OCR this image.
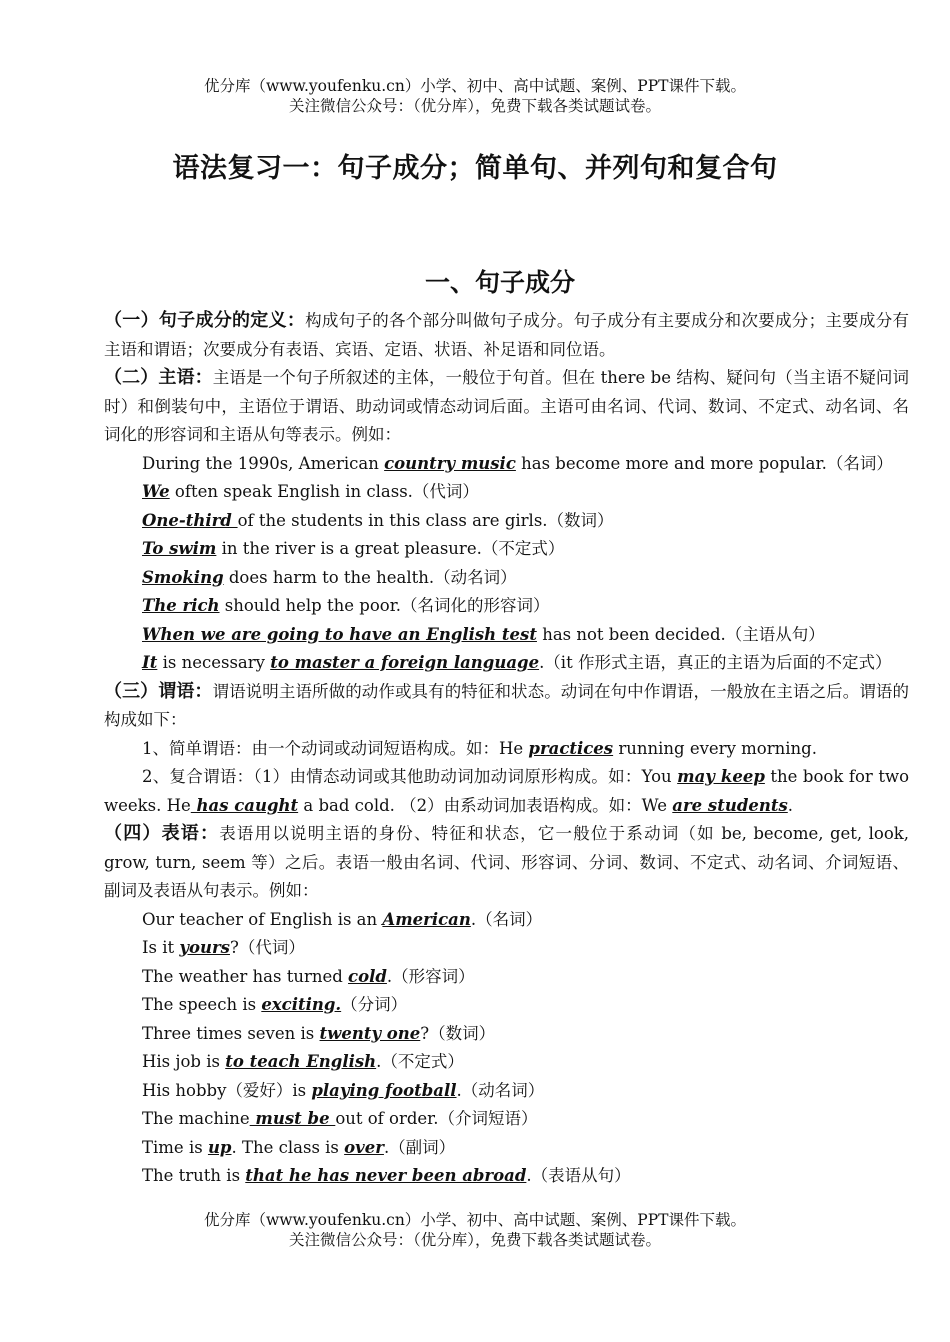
优分库（www.youfenku.cn）小学、初中、高中试题、案例、PPT课件下载。
关注微信公众号：（优分库），免费下载各类试题试卷。
语法复习一：句子成分；简单句、并列句和复合句
一、句子成分

（一）句子成分的定义：构成句子的各个部分叫做句子成分。句子成分有主要成分和次要成分；主要成分有主语和谓语；次要成分有表语、宾语、定语、状语、补足语和同位语。

（二）主语：主语是一个句子所叙述的主体，一般位于句首。但在 there be 结构、疑问句（当主语不疑问词时）和倒装句中，主语位于谓语、助动词或情态动词后面。主语可由名词、代词、数词、不定式、动名词、名词化的形容词和主语从句等表示。例如：

During the 1990s, American country music has become more and more popular.（名词）

We often speak English in class.（代词）

One-third of the students in this class are girls.（数词）

To swim in the river is a great pleasure.（不定式）

Smoking does harm to the health.（动名词）

The rich should help the poor.（名词化的形容词）

When we are going to have an English test has not been decided.（主语从句）

It is necessary to master a foreign language.（it 作形式主语，真正的主语为后面的不定式）

（三）谓语：谓语说明主语所做的动作或具有的特征和状态。动词在句中作谓语，一般放在主语之后。谓语的构成如下：

1、简单谓语：由一个动词或动词短语构成。如：He practices running every morning.

2、复合谓语：（1）由情态动词或其他助动词加动词原形构成。如：You may keep the book for two weeks. He has caught a bad cold. （2）由系动词加表语构成。如：We are students.

（四）表语：表语用以说明主语的身份、特征和状态，它一般位于系动词（如 be, become, get, look, grow, turn, seem 等）之后。表语一般由名词、代词、形容词、分词、数词、不定式、动名词、介词短语、副词及表语从句表示。例如：

Our teacher of English is an American.（名词）

Is it yours?（代词）

The weather has turned cold.（形容词）

The speech is exciting.（分词）

Three times seven is twenty one?（数词）

His job is to teach English.（不定式）

His hobby（爱好）is playing football.（动名词）

The machine must be out of order.（介词短语）

Time is up. The class is over.（副词）

The truth is that he has never been abroad.（表语从句）

优分库（www.youfenku.cn）小学、初中、高中试题、案例、PPT课件下载。
关注微信公众号：（优分库），免费下载各类试题试卷。
